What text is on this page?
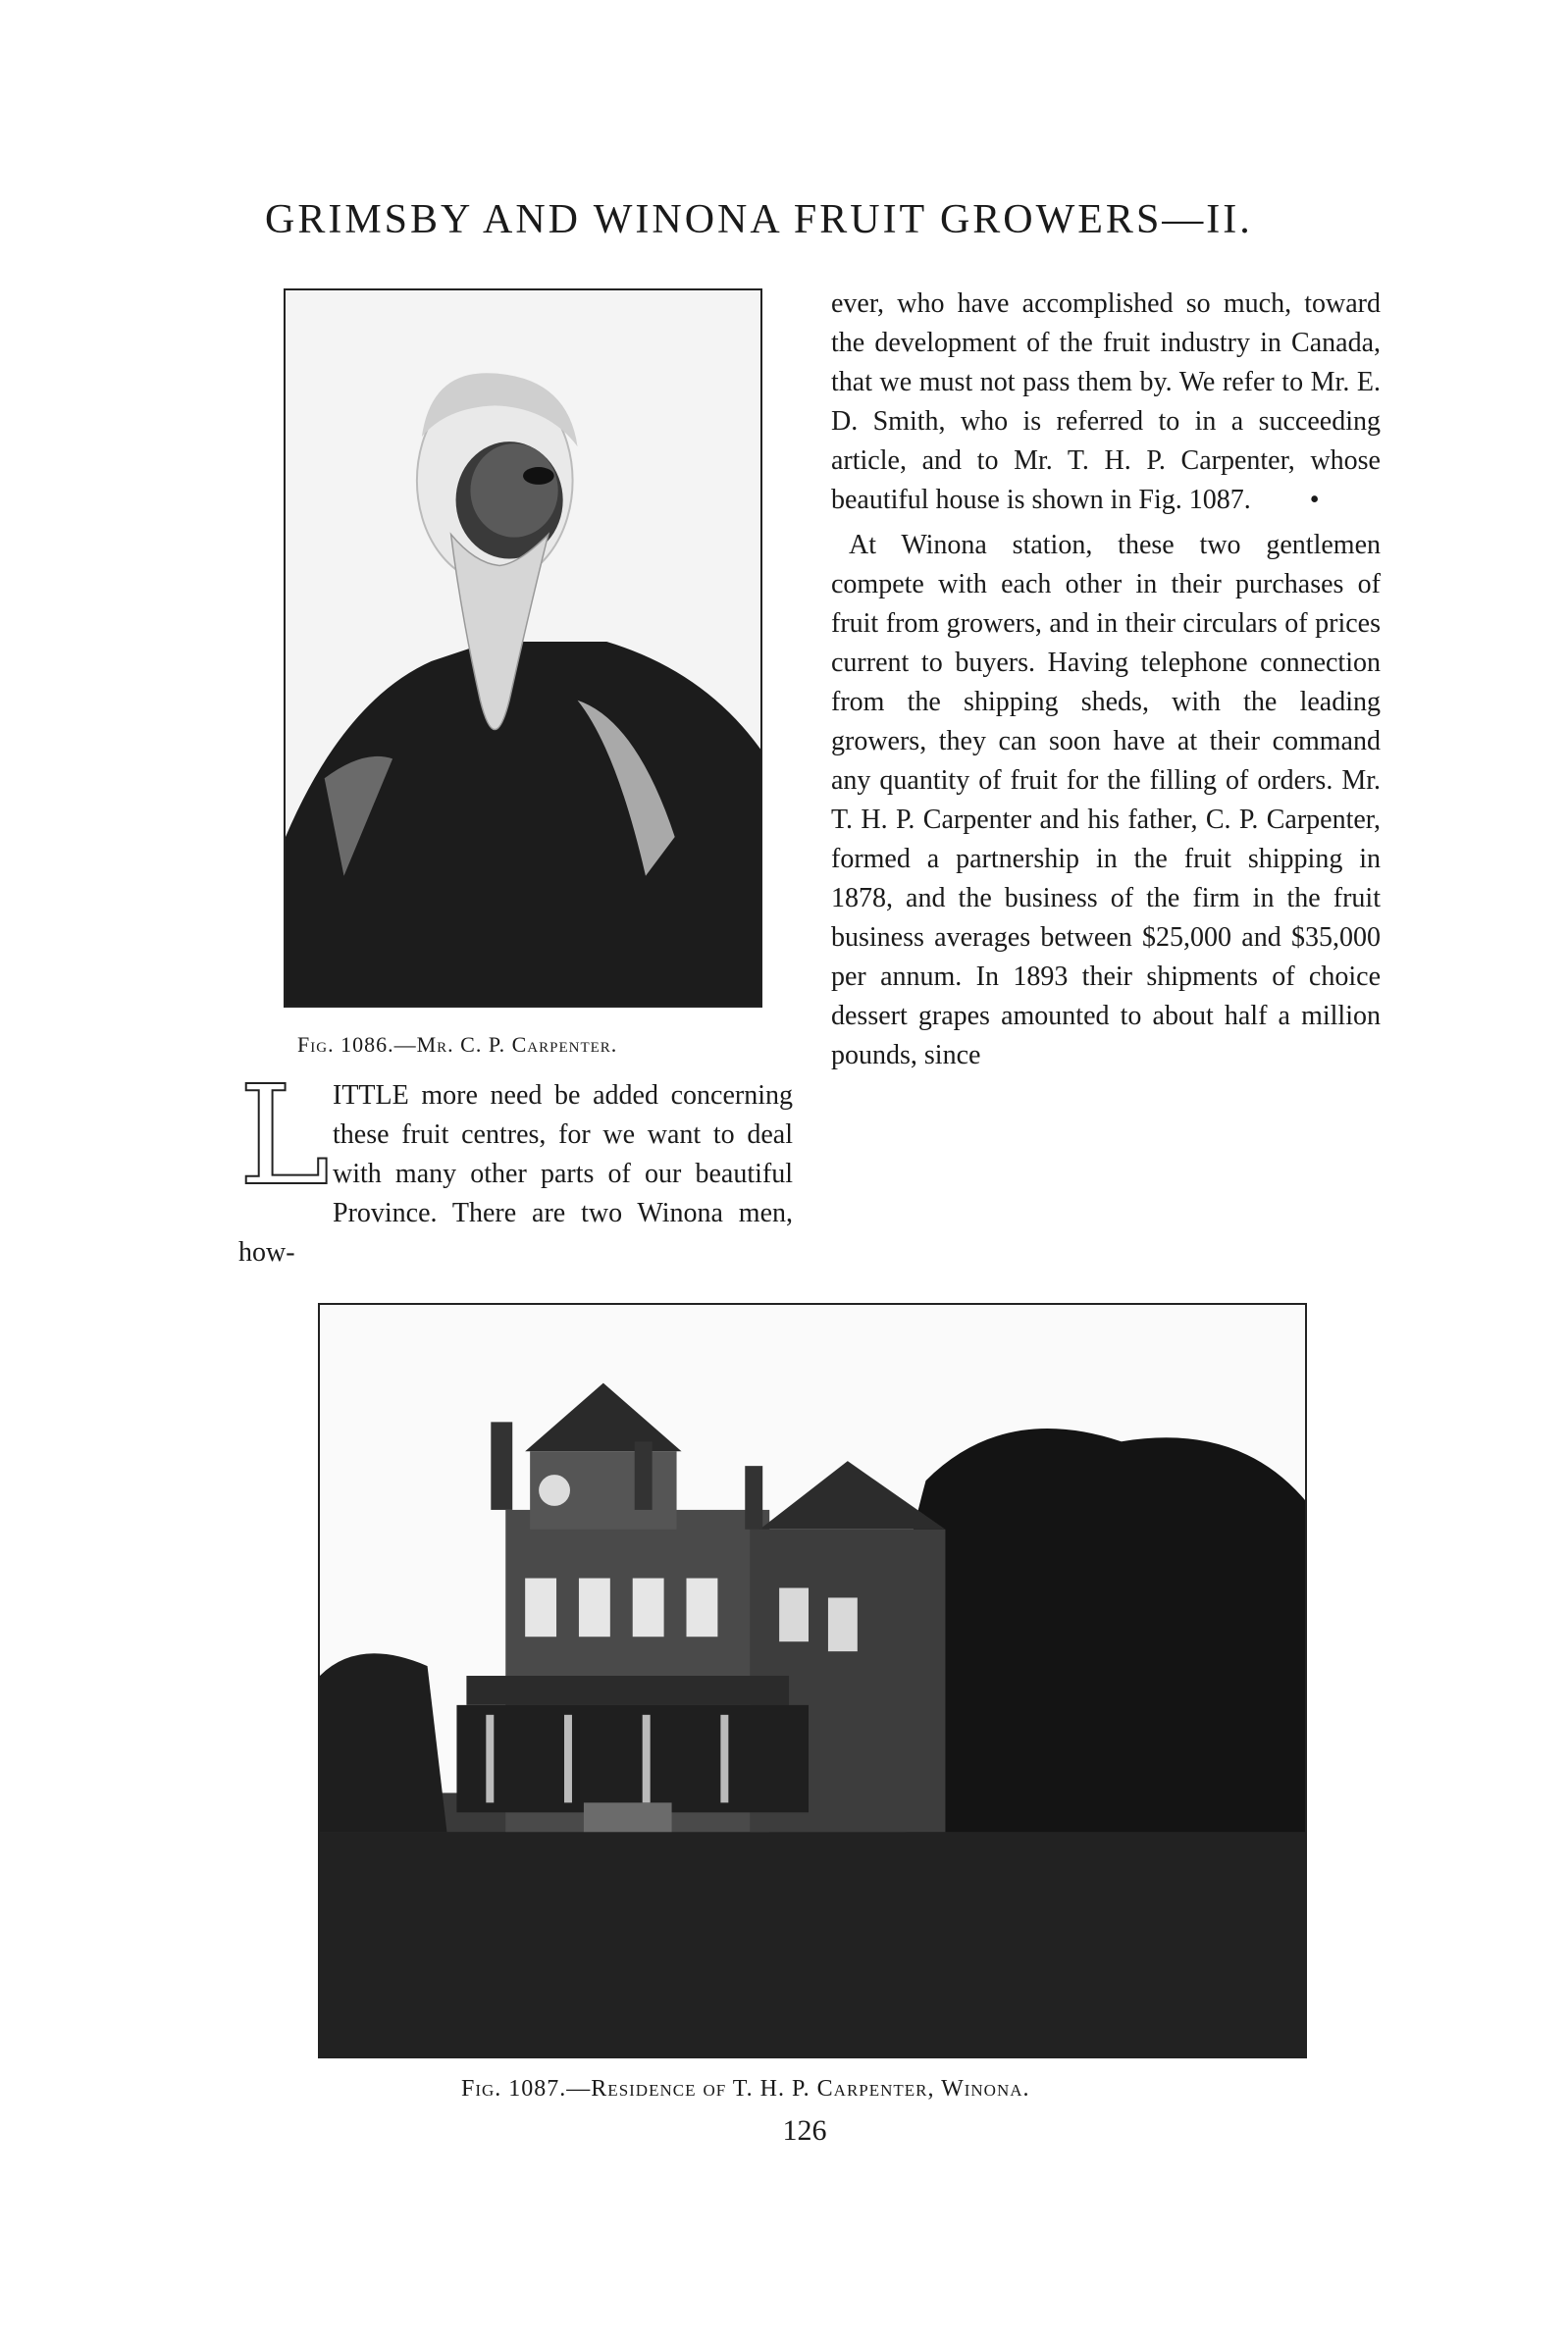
GRIMSBY AND WINONA FRUIT GROWERS—II.
Fig. 1086.—Mr. C. P. Carpenter.
L ITTLE more need be added concerning these fruit centres, for we want to deal with many other parts of our beautiful Province. There are two Winona men, how-

ever, who have accomplished so much, toward the development of the fruit industry in Canada, that we must not pass them by. We refer to Mr. E. D. Smith, who is referred to in a succeeding article, and to Mr. T. H. P. Carpenter, whose beautiful house is shown in Fig. 1087. •

At Winona station, these two gentlemen compete with each other in their purchases of fruit from growers, and in their circulars of prices current to buyers. Having telephone connection from the shipping sheds, with the leading growers, they can soon have at their command any quantity of fruit for the filling of orders. Mr. T. H. P. Carpenter and his father, C. P. Carpenter, formed a partnership in the fruit shipping in 1878, and the business of the firm in the fruit business averages between $25,000 and $35,000 per annum. In 1893 their shipments of choice dessert grapes amounted to about half a million pounds, since

Fig. 1087.—Residence of T. H. P. Carpenter, Winona.
126
